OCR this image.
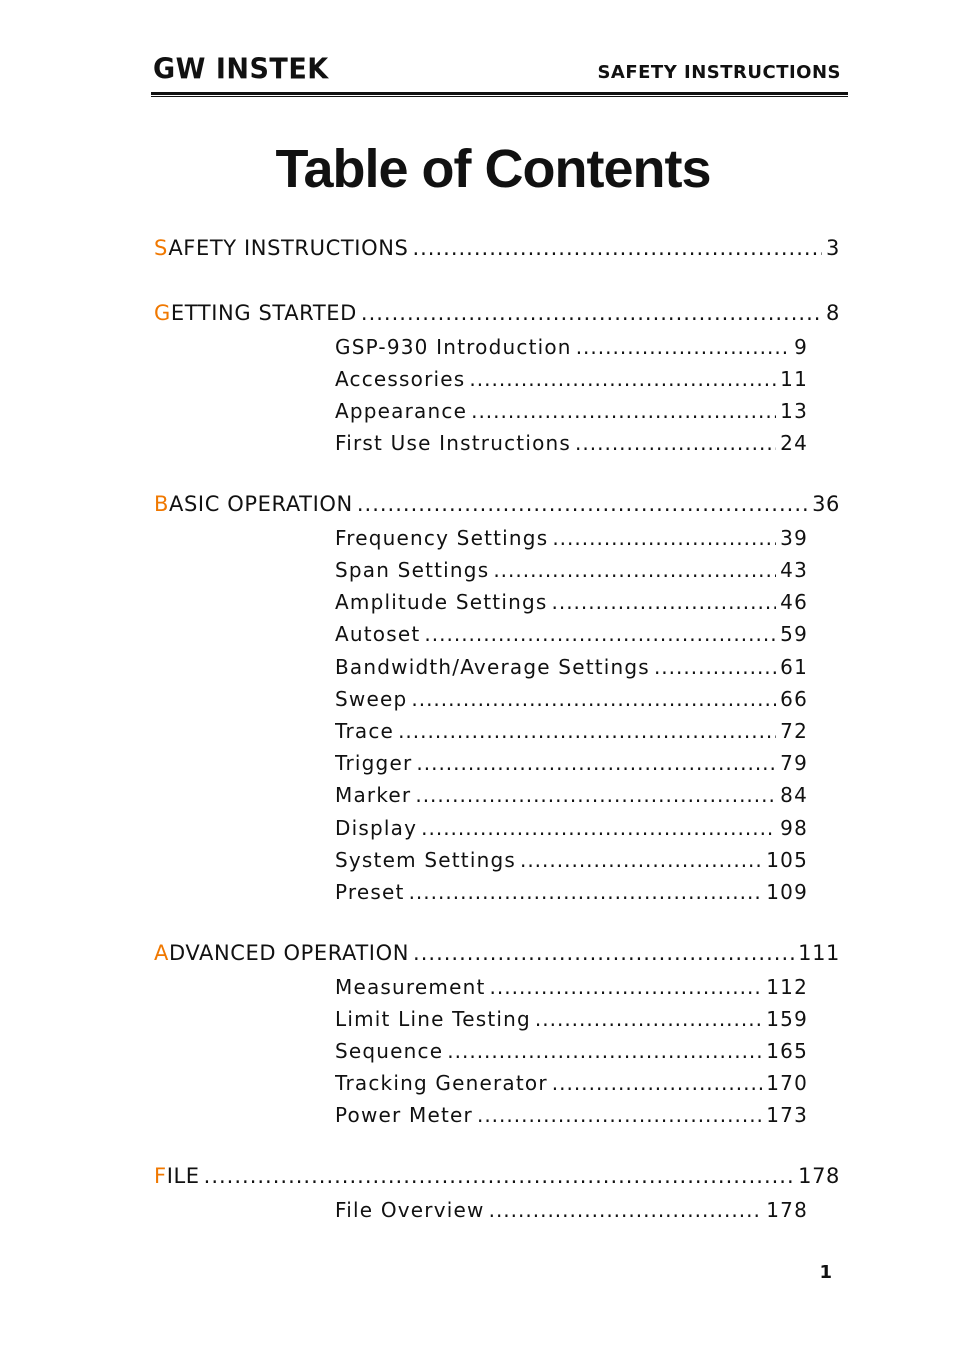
GW INSTEK	SAFETY INSTRUCTIONS
Table of Contents
SAFETY INSTRUCTIONS .....	3
GETTING STARTED .....	8
GSP-930 Introduction .....	9
Accessories .....	11
Appearance .....	13
First Use Instructions .....	24
BASIC OPERATION .....	36
Frequency Settings .....	39
Span Settings .....	43
Amplitude Settings .....	46
Autoset .....	59
Bandwidth/Average Settings .....	61
Sweep .....	66
Trace .....	72
Trigger .....	79
Marker .....	84
Display .....	98
System Settings .....	105
Preset .....	109
ADVANCED OPERATION .....	111
Measurement .....	112
Limit Line Testing .....	159
Sequence .....	165
Tracking Generator .....	170
Power Meter .....	173
FILE .....	178
File Overview .....	178
1
